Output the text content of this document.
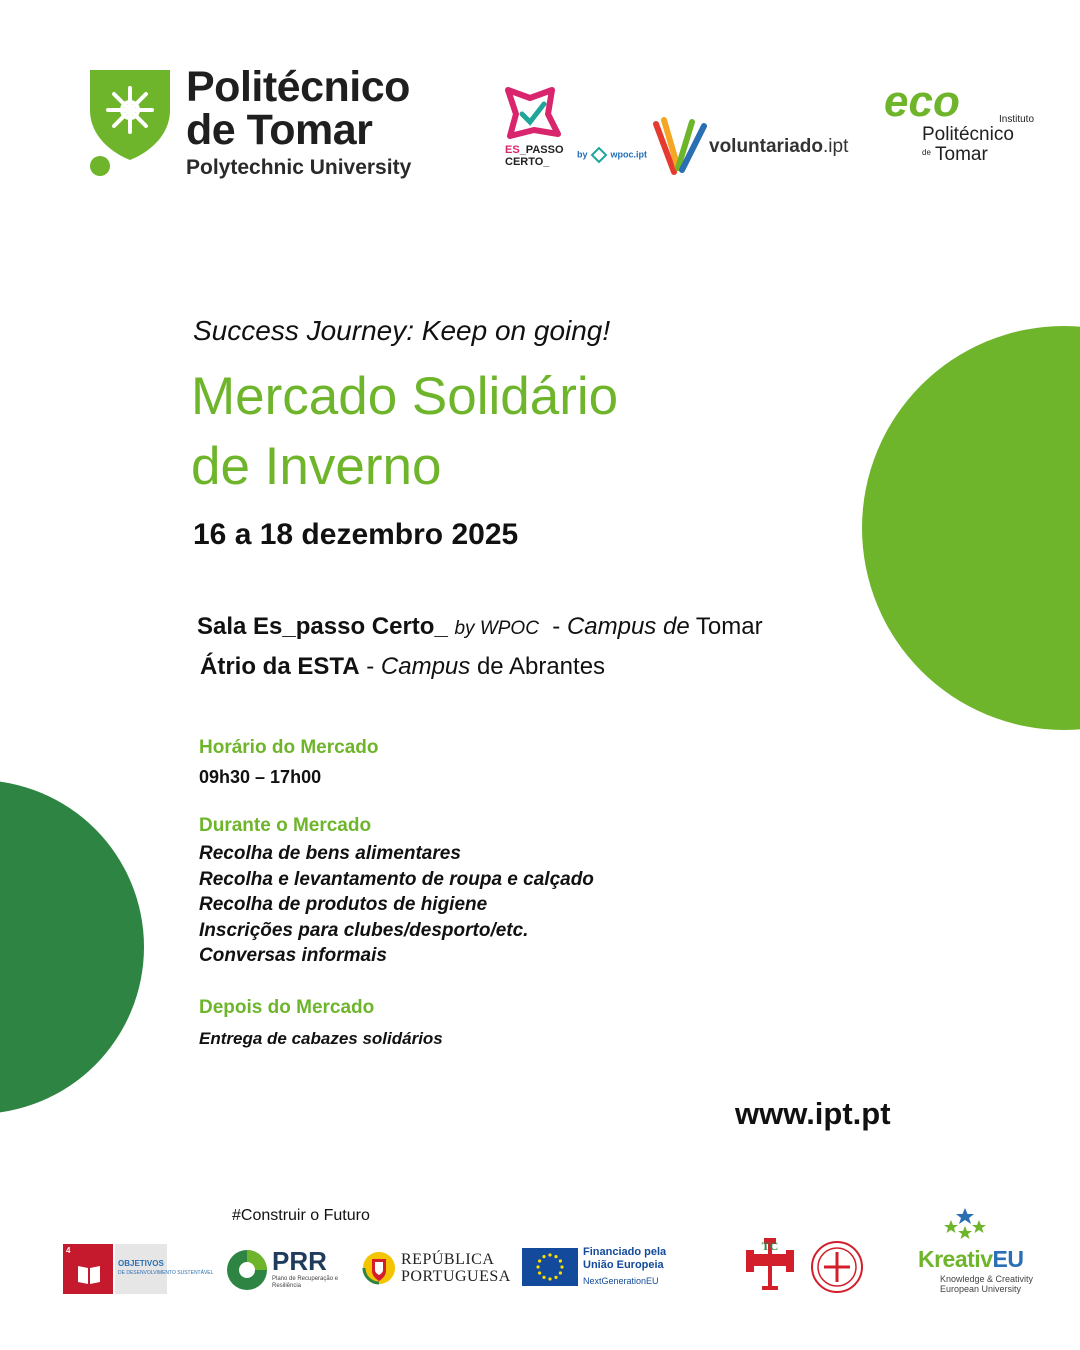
Politécnico
de Tomar
Polytechnic University
ES_PASSO
CERTO_
by	wpoc.ipt	voluntariado.ipt
eco	Instituto
Politécnico
de Tomar
Success Journey: Keep on going!
Mercado Solidário
de Inverno
16 a 18 dezembro 2025
Sala Es_passo Certo_ by WPOC - Campus de Tomar
Átrio da ESTA - Campus de Abrantes
Horário do Mercado
09h30 – 17h00
Durante o Mercado
Recolha de bens alimentares
Recolha e levantamento de roupa e calçado
Recolha de produtos de higiene
Inscrições para clubes/desporto/etc.
Conversas informais
Depois do Mercado
Entrega de cabazes solidários
www.ipt.pt
#Construir o Futuro
4
OBJETIVOS
DE DESENVOLVIMENTO SUSTENTÁVEL PRR
Plano de Recuperação e Resiliência
REPÚBLICA
PORTUGUESA
Financiado pela
União Europeia
NextGenerationEU
TC	KreativEU
Knowledge & Creativity
European University
